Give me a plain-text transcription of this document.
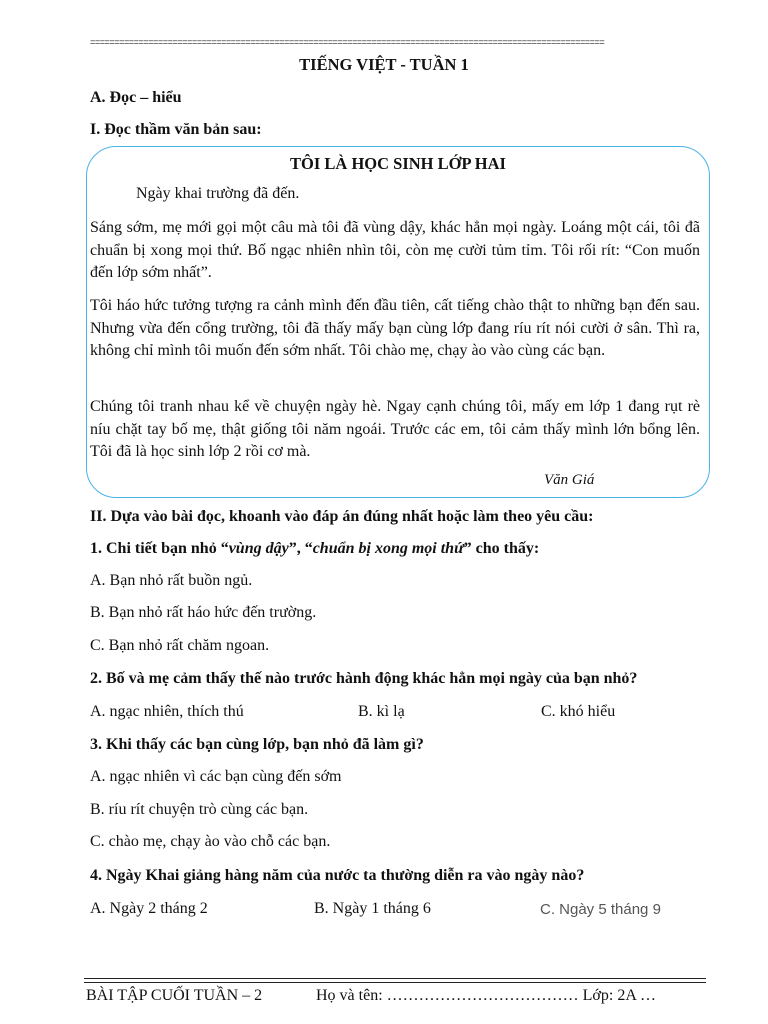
==========================================================================================================
TIẾNG VIỆT - TUẦN 1
A. Đọc – hiểu
I. Đọc thầm văn bản sau:
TÔI LÀ HỌC SINH LỚP HAI
Ngày khai trường đã đến.
Sáng sớm, mẹ mới gọi một câu mà tôi đã vùng dậy, khác hẳn mọi ngày. Loáng một cái, tôi đã chuẩn bị xong mọi thứ. Bố ngạc nhiên nhìn tôi, còn mẹ cười tủm tỉm. Tôi rối rít: “Con muốn đến lớp sớm nhất”.
Tôi háo hức tưởng tượng ra cảnh mình đến đầu tiên, cất tiếng chào thật to những bạn đến sau. Nhưng vừa đến cổng trường, tôi đã thấy mấy bạn cùng lớp đang ríu rít nói cười ở sân. Thì ra, không chỉ mình tôi muốn đến sớm nhất. Tôi chào mẹ, chạy ào vào cùng các bạn.
Chúng tôi tranh nhau kể về chuyện ngày hè. Ngay cạnh chúng tôi, mấy em lớp 1 đang rụt rè níu chặt tay bố mẹ, thật giống tôi năm ngoái. Trước các em, tôi cảm thấy mình lớn bổng lên. Tôi đã là học sinh lớp 2 rồi cơ mà.
Văn Giá
II. Dựa vào bài đọc, khoanh vào đáp án đúng nhất hoặc làm theo yêu cầu:
1. Chi tiết bạn nhỏ “vùng dậy”, “chuẩn bị xong mọi thứ” cho thấy:
A. Bạn nhỏ rất buồn ngủ.
B. Bạn nhỏ rất háo hức đến trường.
C. Bạn nhỏ rất chăm ngoan.
2. Bố và mẹ cảm thấy thế nào trước hành động khác hẳn mọi ngày của bạn nhỏ?
A. ngạc nhiên, thích thú	B. kì lạ	C. khó hiểu
3. Khi thấy các bạn cùng lớp, bạn nhỏ đã làm gì?
A. ngạc nhiên vì các bạn cùng đến sớm
B. ríu rít chuyện trò cùng các bạn.
C. chào mẹ, chạy ào vào chỗ các bạn.
4. Ngày Khai giảng hàng năm của nước ta thường diễn ra vào ngày nào?
A. Ngày 2 tháng 2	B. Ngày 1 tháng 6	C. Ngày 5 tháng 9
BÀI TẬP CUỐI TUẦN – 2	Họ và tên: ……………………………… Lớp: 2A …
